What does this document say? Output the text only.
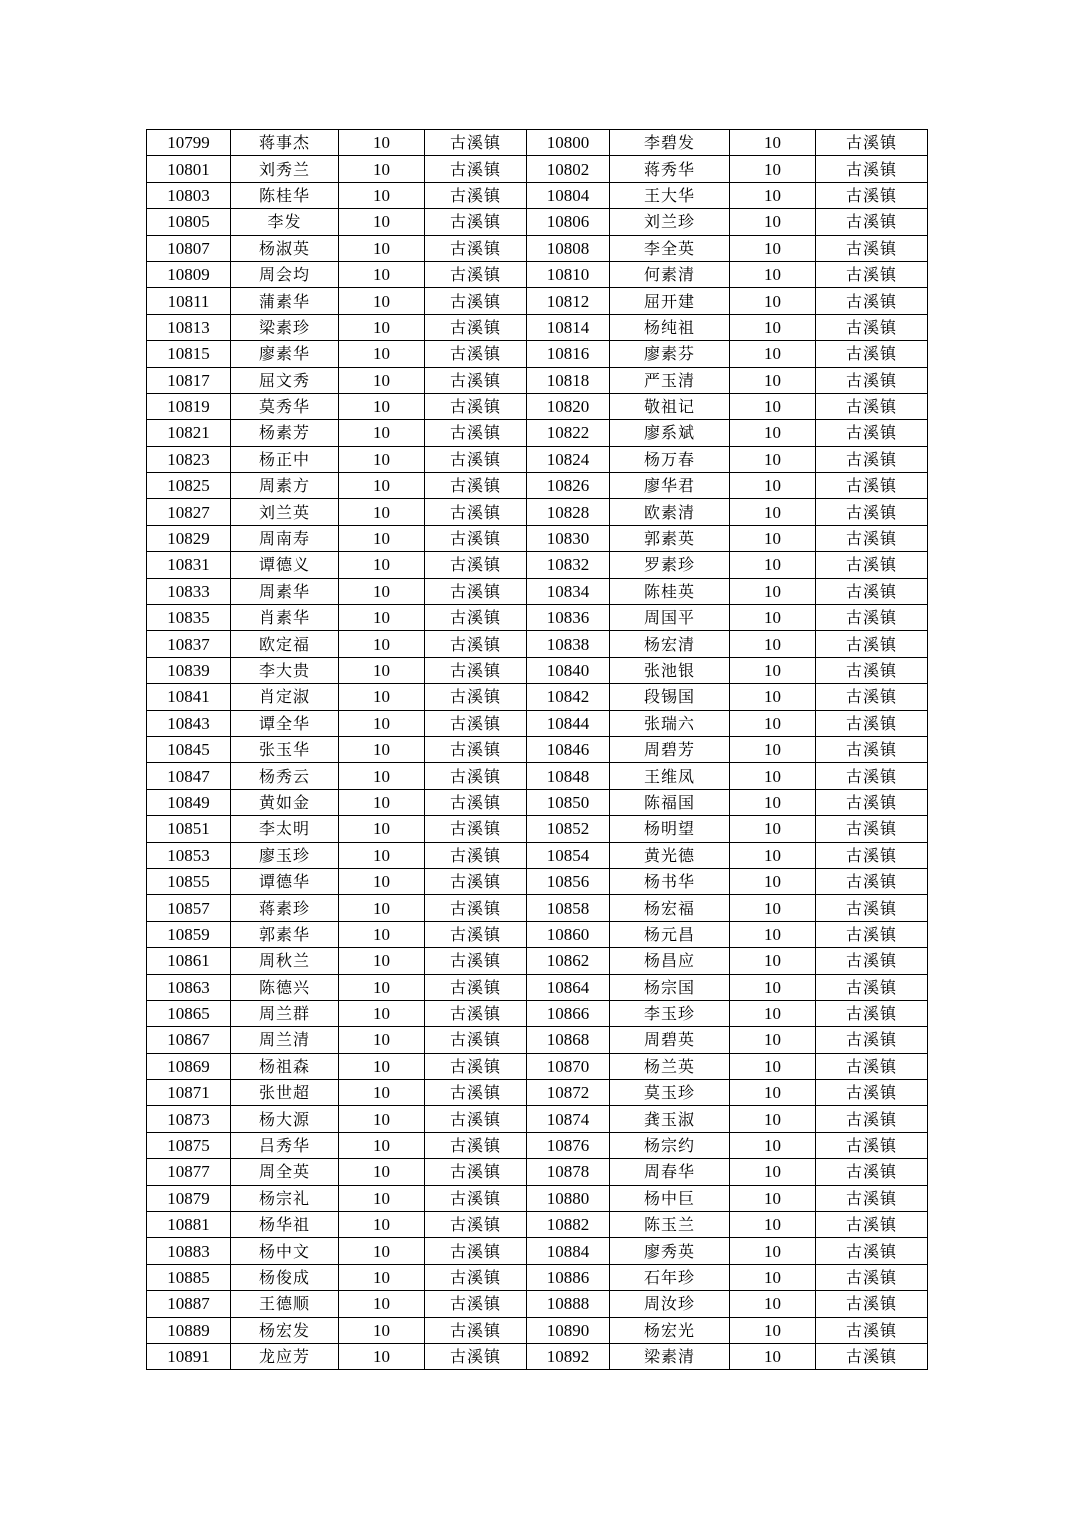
10799	蒋事杰	10	古溪镇	10800	李碧发	10	古溪镇
10801	刘秀兰	10	古溪镇	10802	蒋秀华	10	古溪镇
10803	陈桂华	10	古溪镇	10804	王大华	10	古溪镇
10805	李发	10	古溪镇	10806	刘兰珍	10	古溪镇
10807	杨淑英	10	古溪镇	10808	李全英	10	古溪镇
10809	周会均	10	古溪镇	10810	何素清	10	古溪镇
10811	蒲素华	10	古溪镇	10812	屈开建	10	古溪镇
10813	梁素珍	10	古溪镇	10814	杨纯祖	10	古溪镇
10815	廖素华	10	古溪镇	10816	廖素芬	10	古溪镇
10817	屈文秀	10	古溪镇	10818	严玉清	10	古溪镇
10819	莫秀华	10	古溪镇	10820	敬祖记	10	古溪镇
10821	杨素芳	10	古溪镇	10822	廖系斌	10	古溪镇
10823	杨正中	10	古溪镇	10824	杨万春	10	古溪镇
10825	周素方	10	古溪镇	10826	廖华君	10	古溪镇
10827	刘兰英	10	古溪镇	10828	欧素清	10	古溪镇
10829	周南寿	10	古溪镇	10830	郭素英	10	古溪镇
10831	谭德义	10	古溪镇	10832	罗素珍	10	古溪镇
10833	周素华	10	古溪镇	10834	陈桂英	10	古溪镇
10835	肖素华	10	古溪镇	10836	周国平	10	古溪镇
10837	欧定福	10	古溪镇	10838	杨宏清	10	古溪镇
10839	李大贵	10	古溪镇	10840	张池银	10	古溪镇
10841	肖定淑	10	古溪镇	10842	段锡国	10	古溪镇
10843	谭全华	10	古溪镇	10844	张瑞六	10	古溪镇
10845	张玉华	10	古溪镇	10846	周碧芳	10	古溪镇
10847	杨秀云	10	古溪镇	10848	王维凤	10	古溪镇
10849	黄如金	10	古溪镇	10850	陈福国	10	古溪镇
10851	李太明	10	古溪镇	10852	杨明望	10	古溪镇
10853	廖玉珍	10	古溪镇	10854	黄光德	10	古溪镇
10855	谭德华	10	古溪镇	10856	杨书华	10	古溪镇
10857	蒋素珍	10	古溪镇	10858	杨宏福	10	古溪镇
10859	郭素华	10	古溪镇	10860	杨元昌	10	古溪镇
10861	周秋兰	10	古溪镇	10862	杨昌应	10	古溪镇
10863	陈德兴	10	古溪镇	10864	杨宗国	10	古溪镇
10865	周兰群	10	古溪镇	10866	李玉珍	10	古溪镇
10867	周兰清	10	古溪镇	10868	周碧英	10	古溪镇
10869	杨祖森	10	古溪镇	10870	杨兰英	10	古溪镇
10871	张世超	10	古溪镇	10872	莫玉珍	10	古溪镇
10873	杨大源	10	古溪镇	10874	龚玉淑	10	古溪镇
10875	吕秀华	10	古溪镇	10876	杨宗约	10	古溪镇
10877	周全英	10	古溪镇	10878	周春华	10	古溪镇
10879	杨宗礼	10	古溪镇	10880	杨中巨	10	古溪镇
10881	杨华祖	10	古溪镇	10882	陈玉兰	10	古溪镇
10883	杨中文	10	古溪镇	10884	廖秀英	10	古溪镇
10885	杨俊成	10	古溪镇	10886	石年珍	10	古溪镇
10887	王德顺	10	古溪镇	10888	周汝珍	10	古溪镇
10889	杨宏发	10	古溪镇	10890	杨宏光	10	古溪镇
10891	龙应芳	10	古溪镇	10892	梁素清	10	古溪镇
